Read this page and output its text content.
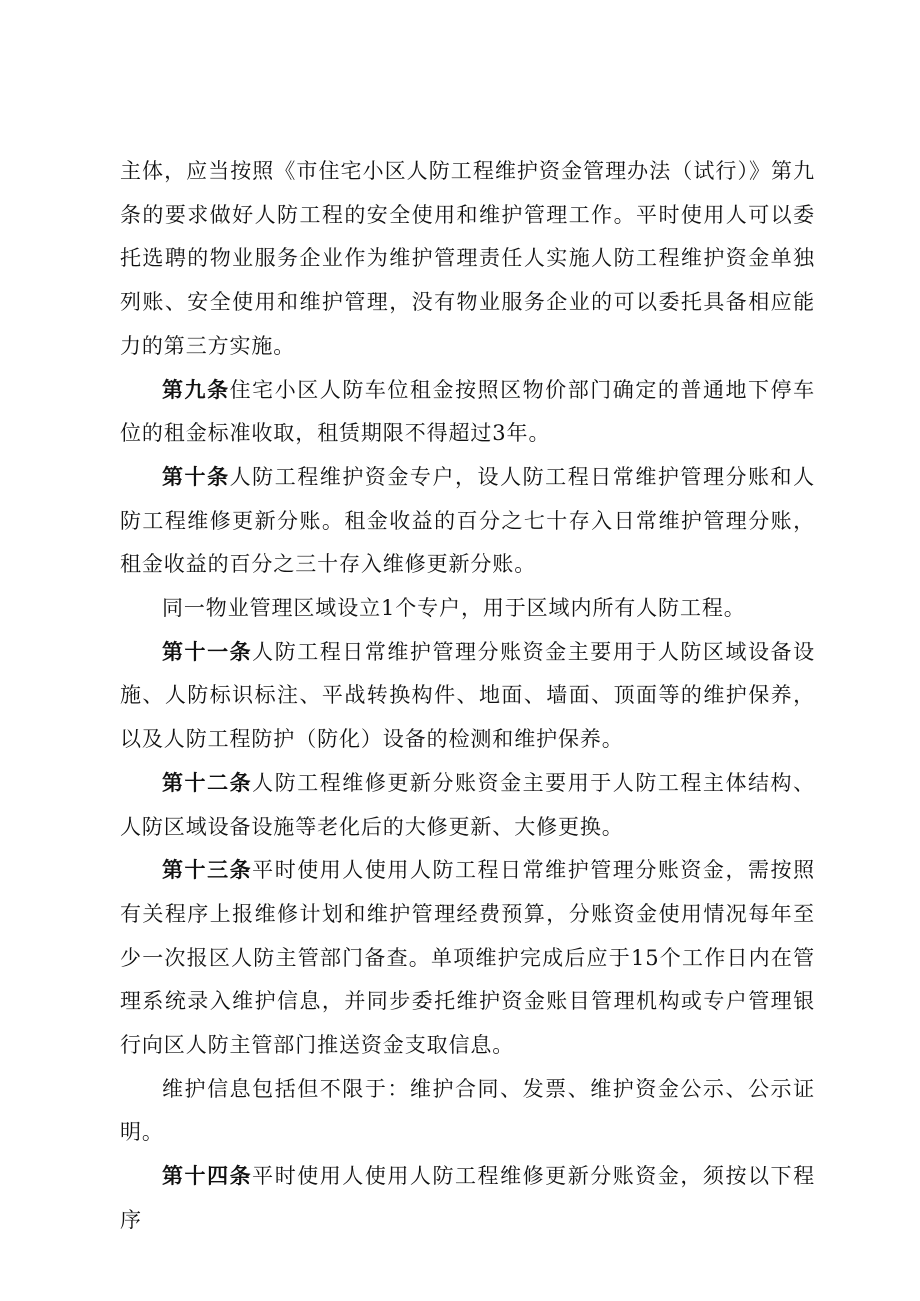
主体，应当按照《市住宅小区人防工程维护资金管理办法（试行）》第九条的要求做好人防工程的安全使用和维护管理工作。平时使用人可以委托选聘的物业服务企业作为维护管理责任人实施人防工程维护资金单独列账、安全使用和维护管理，没有物业服务企业的可以委托具备相应能力的第三方实施。

第九条住宅小区人防车位租金按照区物价部门确定的普通地下停车位的租金标准收取，租赁期限不得超过3年。

第十条人防工程维护资金专户，设人防工程日常维护管理分账和人防工程维修更新分账。租金收益的百分之七十存入日常维护管理分账，租金收益的百分之三十存入维修更新分账。

同一物业管理区域设立1个专户，用于区域内所有人防工程。

第十一条人防工程日常维护管理分账资金主要用于人防区域设备设施、人防标识标注、平战转换构件、地面、墙面、顶面等的维护保养，以及人防工程防护（防化）设备的检测和维护保养。

第十二条人防工程维修更新分账资金主要用于人防工程主体结构、人防区域设备设施等老化后的大修更新、大修更换。

第十三条平时使用人使用人防工程日常维护管理分账资金，需按照有关程序上报维修计划和维护管理经费预算，分账资金使用情况每年至少一次报区人防主管部门备查。单项维护完成后应于15个工作日内在管理系统录入维护信息，并同步委托维护资金账目管理机构或专户管理银行向区人防主管部门推送资金支取信息。

维护信息包括但不限于：维护合同、发票、维护资金公示、公示证明。

第十四条平时使用人使用人防工程维修更新分账资金，须按以下程序
